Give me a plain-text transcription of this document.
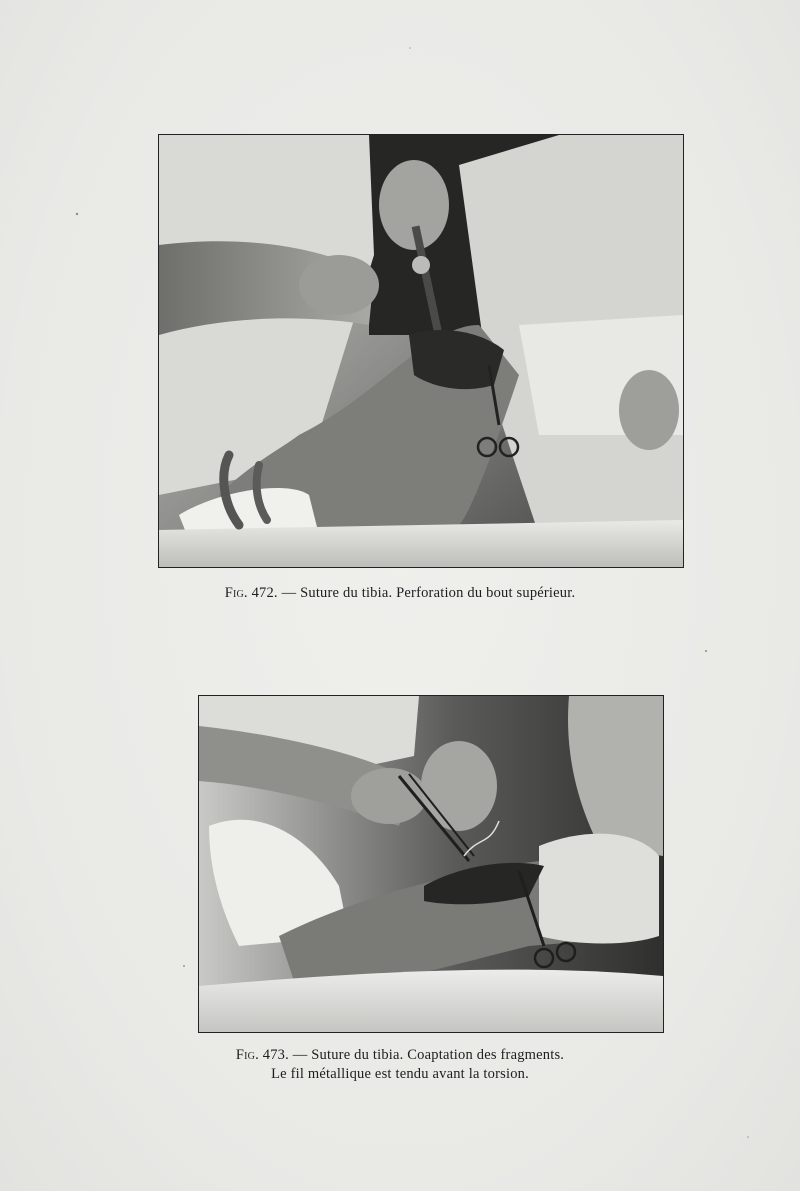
Fig. 472. — Suture du tibia. Perforation du bout supérieur.
Fig. 473. — Suture du tibia. Coaptation des fragments.
Le fil métallique est tendu avant la torsion.
